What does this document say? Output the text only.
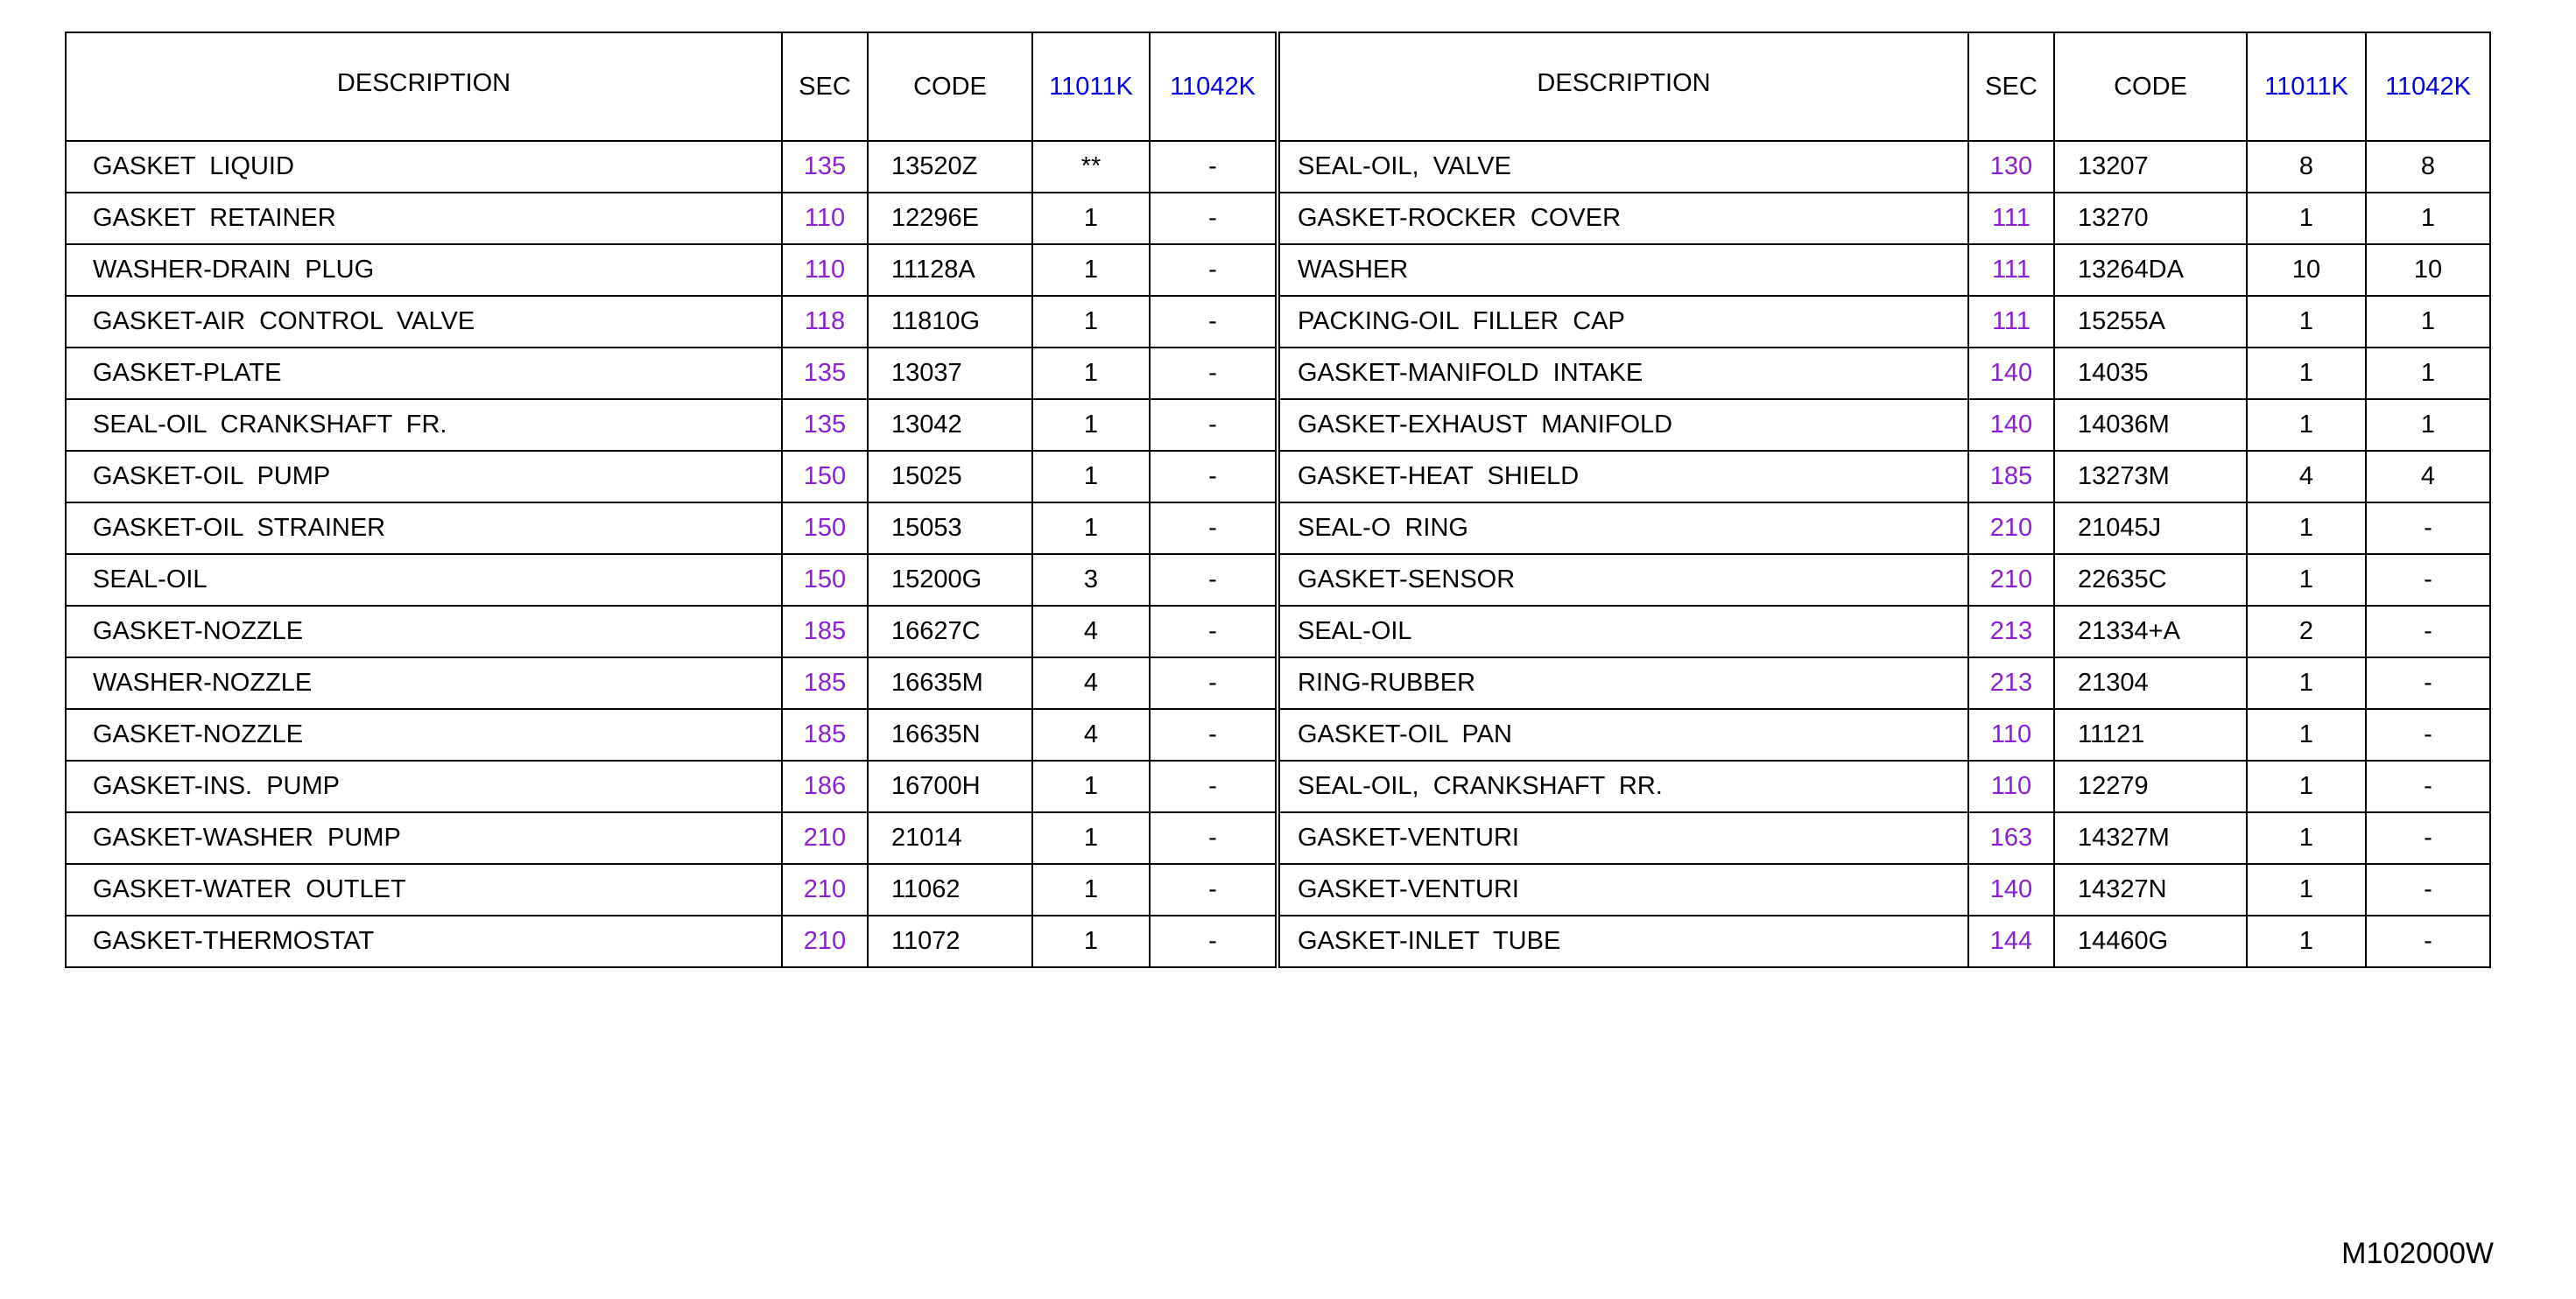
DESCRIPTION	SEC	CODE	11011K	11042K
GASKET  LIQUID	135	13520Z	**	-
GASKET  RETAINER	110	12296E	1	-
WASHER-DRAIN  PLUG	110	11128A	1	-
GASKET-AIR  CONTROL  VALVE	118	11810G	1	-
GASKET-PLATE	135	13037	1	-
SEAL-OIL  CRANKSHAFT  FR.	135	13042	1	-
GASKET-OIL  PUMP	150	15025	1	-
GASKET-OIL  STRAINER	150	15053	1	-
SEAL-OIL	150	15200G	3	-
GASKET-NOZZLE	185	16627C	4	-
WASHER-NOZZLE	185	16635M	4	-
GASKET-NOZZLE	185	16635N	4	-
GASKET-INS.  PUMP	186	16700H	1	-
GASKET-WASHER  PUMP	210	21014	1	-
GASKET-WATER  OUTLET	210	11062	1	-
GASKET-THERMOSTAT	210	11072	1	-
DESCRIPTION	SEC	CODE	11011K	11042K
SEAL-OIL,  VALVE	130	13207	8	8
GASKET-ROCKER  COVER	111	13270	1	1
WASHER	111	13264DA	10	10
PACKING-OIL  FILLER  CAP	111	15255A	1	1
GASKET-MANIFOLD  INTAKE	140	14035	1	1
GASKET-EXHAUST  MANIFOLD	140	14036M	1	1
GASKET-HEAT  SHIELD	185	13273M	4	4
SEAL-O  RING	210	21045J	1	-
GASKET-SENSOR	210	22635C	1	-
SEAL-OIL	213	21334+A	2	-
RING-RUBBER	213	21304	1	-
GASKET-OIL  PAN	110	11121	1	-
SEAL-OIL,  CRANKSHAFT  RR.	110	12279	1	-
GASKET-VENTURI	163	14327M	1	-
GASKET-VENTURI	140	14327N	1	-
GASKET-INLET  TUBE	144	14460G	1	-
M102000W
